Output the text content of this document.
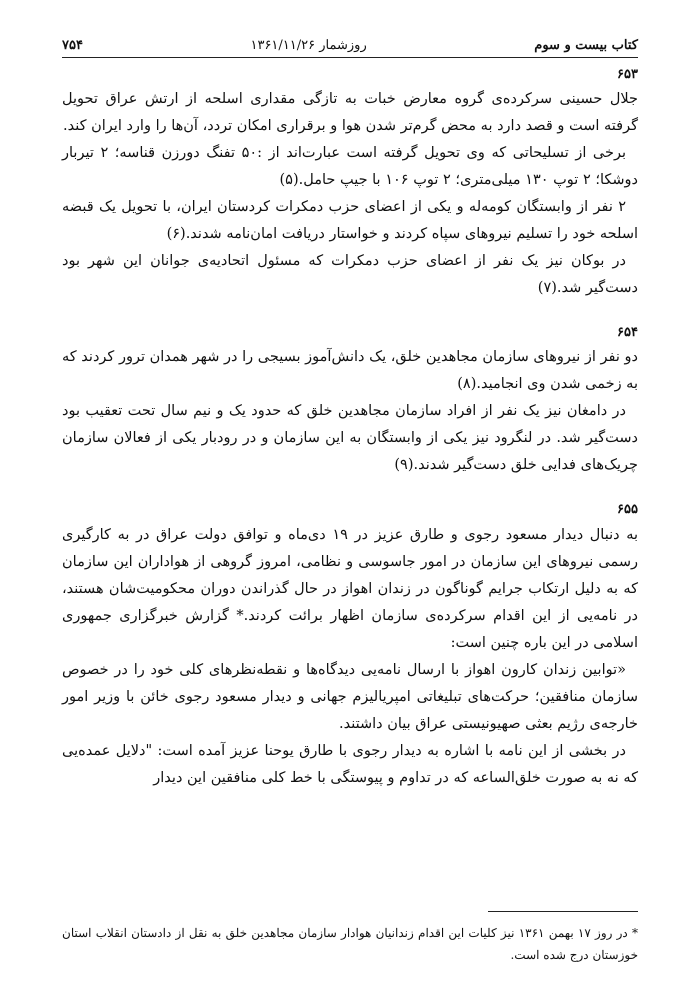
کتاب بیست و سوم
روزشمار ۱۳۶۱/۱۱/۲۶
۷۵۴
۶۵۳

جلال حسینی سرکرده‌ی گروه معارض خبات به تازگی مقداری اسلحه از ارتش عراق تحویل گرفته است و قصد دارد به محض گرم‌تر شدن هوا و برقراری امکان تردد، آن‌ها را وارد ایران کند.

برخی از تسلیحاتی که وی تحویل گرفته است عبارت‌اند از :۵۰ تفنگ دورزن قناسه؛ ۲ تیربار دوشکا؛ ۲ توپ ۱۳۰ میلی‌متری؛ ۲ توپ ۱۰۶ با جیپ حامل.(۵)

۲ نفر از وابستگان کومه‌له و یکی از اعضای حزب دمکرات کردستان ایران، با تحویل یک قبضه اسلحه خود را تسلیم نیروهای سپاه کردند و خواستار دریافت امان‌نامه شدند.(۶)

در بوکان نیز یک نفر از اعضای حزب دمکرات که مسئول اتحادیه‌ی جوانان این شهر بود دست‌گیر شد.(۷)

۶۵۴

دو نفر از نیروهای سازمان مجاهدین خلق، یک دانش‌آموز بسیجی را در شهر همدان ترور کردند که به زخمی شدن وی انجامید.(۸)

در دامغان نیز یک نفر از افراد سازمان مجاهدین خلق که حدود یک و نیم سال تحت تعقیب بود دست‌گیر شد. در لنگرود نیز یکی از وابستگان به این سازمان و در رودبار یکی از فعالان سازمان چریک‌های فدایی خلق دست‌گیر شدند.(۹)

۶۵۵

به دنبال دیدار مسعود رجوی و طارق عزیز در ۱۹ دی‌ماه و توافق دولت عراق در به کارگیری رسمی نیروهای این سازمان در امور جاسوسی و نظامی، امروز گروهی از هواداران این سازمان که به دلیل ارتکاب جرایم گوناگون در زندان اهواز در حال گذراندن دوران محکومیت‌شان هستند، در نامه‌یی از این اقدام سرکرده‌ی سازمان اظهار برائت کردند.* گزارش خبرگزاری جمهوری اسلامی در این باره چنین است:

«توابین زندان کارون اهواز با ارسال نامه‌یی دیدگاه‌ها و نقطه‌نظرهای کلی خود را در خصوص سازمان منافقین؛ حرکت‌های تبلیغاتی امپریالیزم جهانی و دیدار مسعود رجوی خائن با وزیر امور خارجه‌ی رژیم بعثی صهیونیستی عراق بیان داشتند.

در بخشی از این نامه با اشاره به دیدار رجوی با طارق یوحنا عزیز آمده است: "دلایل عمده‌یی که نه به صورت خلق‌الساعه که در تداوم و پیوستگی با خط کلی منافقین این دیدار

* در روز ۱۷ بهمن ۱۳۶۱ نیز کلیات این اقدام زندانیان هوادار سازمان مجاهدین خلق به نقل از دادستان انقلاب استان خوزستان درج شده است.
